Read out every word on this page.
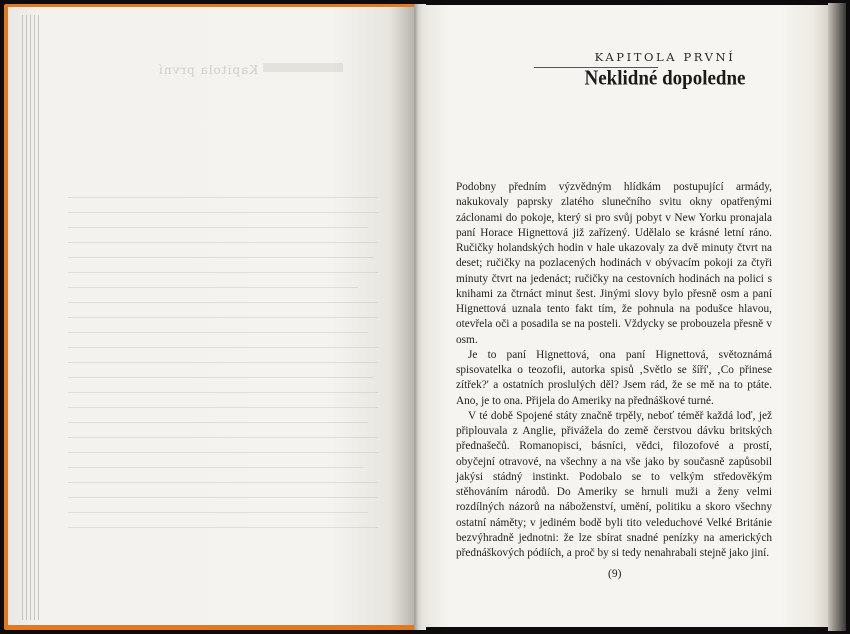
Kapitola první
KAPITOLA PRVNÍ
Neklidné dopoledne

Podobny předním výzvědným hlídkám postupující armády, nakukovaly paprsky zlatého slunečního svitu okny opatřenými záclonami do pokoje, který si pro svůj pobyt v New Yorku pronajala paní Horace Hignettová již zařízený. Udělalo se krásné letní ráno. Ručičky holandských hodin v hale ukazovaly za dvě minuty čtvrt na deset; ručičky na pozlacených hodinách v obývacím pokoji za čtyři minuty čtvrt na jedenáct; ručičky na cestovních hodinách na polici s knihami za čtrnáct minut šest. Jinými slovy bylo přesně osm a paní Hignettová uznala tento fakt tím, že pohnula na podušce hlavou, otevřela oči a posadila se na posteli. Vždycky se probouzela přesně v osm.

Je to paní Hignettová, ona paní Hignettová, světoznámá spisovatelka o teozofii, autorka spisů ‚Světlo se šíří', ‚Co přinese zítřek?' a ostatních proslulých děl? Jsem rád, že se mě na to ptáte. Ano, je to ona. Přijela do Ameriky na přednáškové turné.

V té době Spojené státy značně trpěly, neboť téměř každá loď, jež připlouvala z Anglie, přivážela do země čerstvou dávku britských přednašečů. Romanopisci, básníci, vědci, filozofové a prostí, obyčejní otravové, na všechny a na vše jako by současně zapůsobil jakýsi stádný instinkt. Podobalo se to velkým středověkým stěhováním národů. Do Ameriky se hrnuli muži a ženy velmi rozdílných názorů na náboženství, umění, politiku a skoro všechny ostatní náměty; v jediném bodě byli tito veleduchové Velké Británie bezvýhradně jednotni: že lze sbírat snadné penízky na amerických přednáškových pódiích, a proč by si tedy nenahrabali stejně jako jiní.

(9)
